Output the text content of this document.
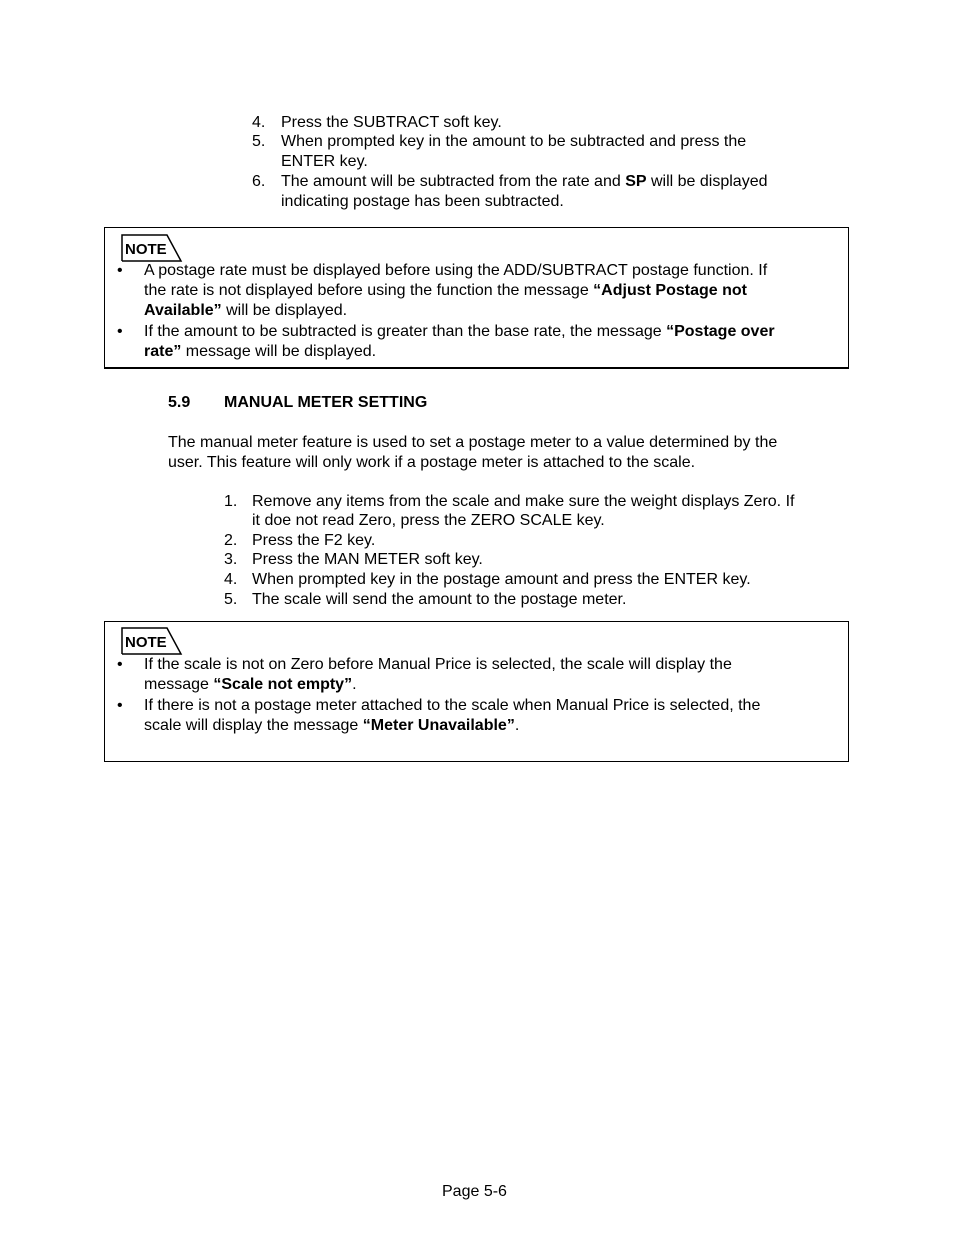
4. Press the SUBTRACT soft key.
5. When prompted key in the amount to be subtracted and press the
ENTER key.
6. The amount will be subtracted from the rate and SP will be displayed
indicating postage has been subtracted.
NOTE
• A postage rate must be displayed before using the ADD/SUBTRACT postage function. If
the rate is not displayed before using the function the message “Adjust Postage not
Available” will be displayed.
• If the amount to be subtracted is greater than the base rate, the message “Postage over
rate” message will be displayed.
5.9 MANUAL METER SETTING
The manual meter feature is used to set a postage meter to a value determined by the
user. This feature will only work if a postage meter is attached to the scale.
1. Remove any items from the scale and make sure the weight displays Zero. If
it doe not read Zero, press the ZERO SCALE key.
2. Press the F2 key.
3. Press the MAN METER soft key.
4. When prompted key in the postage amount and press the ENTER key.
5. The scale will send the amount to the postage meter.
NOTE
• If the scale is not on Zero before Manual Price is selected, the scale will display the
message “Scale not empty”.
• If there is not a postage meter attached to the scale when Manual Price is selected, the
scale will display the message “Meter Unavailable”.
Page 5-6
